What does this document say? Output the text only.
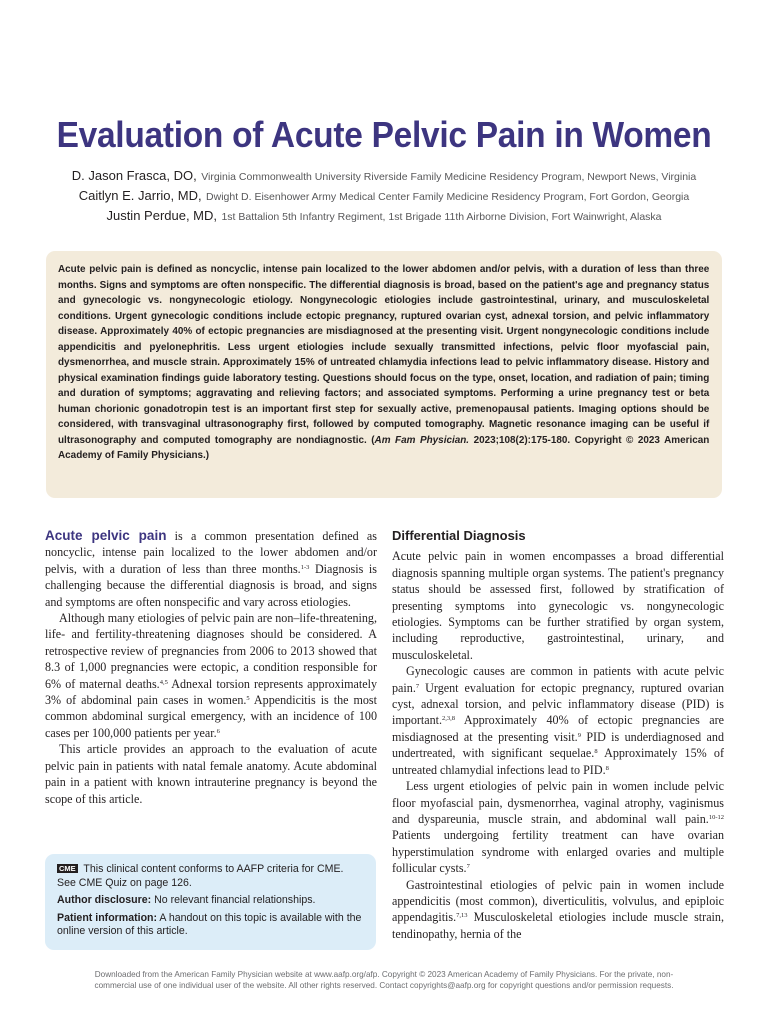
Evaluation of Acute Pelvic Pain in Women
D. Jason Frasca, DO, Virginia Commonwealth University Riverside Family Medicine Residency Program, Newport News, Virginia
Caitlyn E. Jarrio, MD, Dwight D. Eisenhower Army Medical Center Family Medicine Residency Program, Fort Gordon, Georgia
Justin Perdue, MD, 1st Battalion 5th Infantry Regiment, 1st Brigade 11th Airborne Division, Fort Wainwright, Alaska

Acute pelvic pain is defined as noncyclic, intense pain localized to the lower abdomen and/or pelvis, with a duration of less than three months. Signs and symptoms are often nonspecific. The differential diagnosis is broad, based on the patient's age and pregnancy status and gynecologic vs. nongynecologic etiology. Nongynecologic etiologies include gastrointestinal, urinary, and musculoskeletal conditions. Urgent gynecologic conditions include ectopic pregnancy, ruptured ovarian cyst, adnexal torsion, and pelvic inflammatory disease. Approximately 40% of ectopic pregnancies are misdiagnosed at the presenting visit. Urgent nongynecologic conditions include appendicitis and pyelonephritis. Less urgent etiologies include sexually transmitted infections, pelvic floor myofascial pain, dysmenorrhea, and muscle strain. Approximately 15% of untreated chlamydia infections lead to pelvic inflammatory disease. History and physical examination findings guide laboratory testing. Questions should focus on the type, onset, location, and radiation of pain; timing and duration of symptoms; aggravating and relieving factors; and associated symptoms. Performing a urine pregnancy test or beta human chorionic gonadotropin test is an important first step for sexually active, premenopausal patients. Imaging options should be considered, with transvaginal ultrasonography first, followed by computed tomography. Magnetic resonance imaging can be useful if ultrasonography and computed tomography are nondiagnostic. (Am Fam Physician. 2023;108(2):175-180. Copyright © 2023 American Academy of Family Physicians.)

Acute pelvic pain is a common presentation defined as noncyclic, intense pain localized to the lower abdomen and/or pelvis, with a duration of less than three months.$^{1-3}$ Diagnosis is challenging because the differential diagnosis is broad, and signs and symptoms are often nonspecific and vary across etiologies.

Although many etiologies of pelvic pain are non–life-threatening, life- and fertility-threatening diagnoses should be considered. A retrospective review of pregnancies from 2006 to 2013 showed that 8.3 of 1,000 pregnancies were ectopic, a condition responsible for 6% of maternal deaths.$^{4,5}$ Adnexal torsion represents approximately 3% of abdominal pain cases in women.$^5$ Appendicitis is the most common abdominal surgical emergency, with an incidence of 100 cases per 100,000 patients per year.$^6$

This article provides an approach to the evaluation of acute pelvic pain in patients with natal female anatomy. Acute abdominal pain in a patient with known intrauterine pregnancy is beyond the scope of this article.

CME This clinical content conforms to AAFP criteria for CME. See CME Quiz on page 126.

Author disclosure: No relevant financial relationships.

Patient information: A handout on this topic is available with the online version of this article.

Differential Diagnosis

Acute pelvic pain in women encompasses a broad differential diagnosis spanning multiple organ systems. The patient's pregnancy status should be assessed first, followed by stratification of presenting symptoms into gynecologic vs. nongynecologic etiologies. Symptoms can be further stratified by organ system, including reproductive, gastrointestinal, urinary, and musculoskeletal.

Gynecologic causes are common in patients with acute pelvic pain.$^7$ Urgent evaluation for ectopic pregnancy, ruptured ovarian cyst, adnexal torsion, and pelvic inflammatory disease (PID) is important.$^{2,3,8}$ Approximately 40% of ectopic pregnancies are misdiagnosed at the presenting visit.$^9$ PID is underdiagnosed and undertreated, with significant sequelae.$^8$ Approximately 15% of untreated chlamydial infections lead to PID.$^8$

Less urgent etiologies of pelvic pain in women include pelvic floor myofascial pain, dysmenorrhea, vaginal atrophy, vaginismus and dyspareunia, muscle strain, and abdominal wall pain.$^{10-12}$ Patients undergoing fertility treatment can have ovarian hyperstimulation syndrome with enlarged ovaries and multiple follicular cysts.$^7$

Gastrointestinal etiologies of pelvic pain in women include appendicitis (most common), diverticulitis, volvulus, and epiploic appendagitis.$^{7,13}$ Musculoskeletal etiologies include muscle strain, tendinopathy, hernia of the

Downloaded from the American Family Physician website at www.aafp.org/afp. Copyright © 2023 American Academy of Family Physicians. For the private, non-
commercial use of one individual user of the website. All other rights reserved. Contact copyrights@aafp.org for copyright questions and/or permission requests.
